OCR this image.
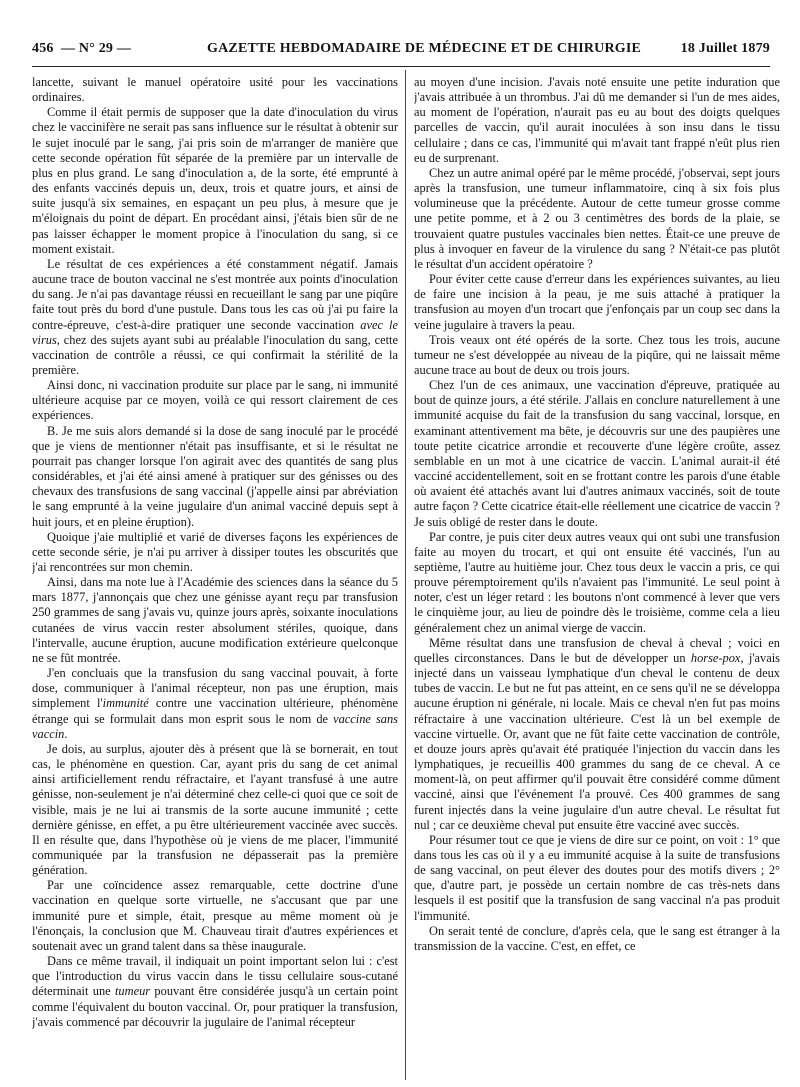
456 — N° 29 —	GAZETTE HEBDOMADAIRE DE MÉDECINE ET DE CHIRURGIE	18 Juillet 1879

lancette, suivant le manuel opératoire usité pour les vaccinations ordinaires.

Comme il était permis de supposer que la date d'inoculation du virus chez le vaccinifère ne serait pas sans influence sur le résultat à obtenir sur le sujet inoculé par le sang, j'ai pris soin de m'arranger de manière que cette seconde opération fût séparée de la première par un intervalle de plus en plus grand. Le sang d'inoculation a, de la sorte, été emprunté à des enfants vaccinés depuis un, deux, trois et quatre jours, et ainsi de suite jusqu'à six semaines, en espaçant un peu plus, à mesure que je m'éloignais du point de départ. En procédant ainsi, j'étais bien sûr de ne pas laisser échapper le moment propice à l'inoculation du sang, si ce moment existait.

Le résultat de ces expériences a été constamment négatif. Jamais aucune trace de bouton vaccinal ne s'est montrée aux points d'inoculation du sang. Je n'ai pas davantage réussi en recueillant le sang par une piqûre faite tout près du bord d'une pustule. Dans tous les cas où j'ai pu faire la contre-épreuve, c'est-à-dire pratiquer une seconde vaccination avec le virus, chez des sujets ayant subi au préalable l'inoculation du sang, cette vaccination de contrôle a réussi, ce qui confirmait la stérilité de la première.

Ainsi donc, ni vaccination produite sur place par le sang, ni immunité ultérieure acquise par ce moyen, voilà ce qui ressort clairement de ces expériences.

B. Je me suis alors demandé si la dose de sang inoculé par le procédé que je viens de mentionner n'était pas insuffisante, et si le résultat ne pourrait pas changer lorsque l'on agirait avec des quantités de sang plus considérables, et j'ai été ainsi amené à pratiquer sur des génisses ou des chevaux des transfusions de sang vaccinal (j'appelle ainsi par abréviation le sang emprunté à la veine jugulaire d'un animal vacciné depuis sept à huit jours, et en pleine éruption).

Quoique j'aie multiplié et varié de diverses façons les expériences de cette seconde série, je n'ai pu arriver à dissiper toutes les obscurités que j'ai rencontrées sur mon chemin.

Ainsi, dans ma note lue à l'Académie des sciences dans la séance du 5 mars 1877, j'annonçais que chez une génisse ayant reçu par transfusion 250 grammes de sang j'avais vu, quinze jours après, soixante inoculations cutanées de virus vaccin rester absolument stériles, quoique, dans l'intervalle, aucune éruption, aucune modification extérieure quelconque ne se fût montrée.

J'en concluais que la transfusion du sang vaccinal pouvait, à forte dose, communiquer à l'animal récepteur, non pas une éruption, mais simplement l'immunité contre une vaccination ultérieure, phénomène étrange qui se formulait dans mon esprit sous le nom de vaccine sans vaccin.

Je dois, au surplus, ajouter dès à présent que là se bornerait, en tout cas, le phénomène en question. Car, ayant pris du sang de cet animal ainsi artificiellement rendu réfractaire, et l'ayant transfusé à une autre génisse, non-seulement je n'ai déterminé chez celle-ci quoi que ce soit de visible, mais je ne lui ai transmis de la sorte aucune immunité ; cette dernière génisse, en effet, a pu être ultérieurement vaccinée avec succès. Il en résulte que, dans l'hypothèse où je viens de me placer, l'immunité communiquée par la transfusion ne dépasserait pas la première génération.

Par une coïncidence assez remarquable, cette doctrine d'une vaccination en quelque sorte virtuelle, ne s'accusant que par une immunité pure et simple, était, presque au même moment où je l'énonçais, la conclusion que M. Chauveau tirait d'autres expériences et soutenait avec un grand talent dans sa thèse inaugurale.

Dans ce même travail, il indiquait un point important selon lui : c'est que l'introduction du virus vaccin dans le tissu cellulaire sous-cutané déterminait une tumeur pouvant être considérée jusqu'à un certain point comme l'équivalent du bouton vaccinal. Or, pour pratiquer la transfusion, j'avais commencé par découvrir la jugulaire de l'animal récepteur

au moyen d'une incision. J'avais noté ensuite une petite induration que j'avais attribuée à un thrombus. J'ai dû me demander si l'un de mes aides, au moment de l'opération, n'aurait pas eu au bout des doigts quelques parcelles de vaccin, qu'il aurait inoculées à son insu dans le tissu cellulaire ; dans ce cas, l'immunité qui m'avait tant frappé n'eût plus rien eu de surprenant.

Chez un autre animal opéré par le même procédé, j'observai, sept jours après la transfusion, une tumeur inflammatoire, cinq à six fois plus volumineuse que la précédente. Autour de cette tumeur grosse comme une petite pomme, et à 2 ou 3 centimètres des bords de la plaie, se trouvaient quatre pustules vaccinales bien nettes. Était-ce une preuve de plus à invoquer en faveur de la virulence du sang ? N'était-ce pas plutôt le résultat d'un accident opératoire ?

Pour éviter cette cause d'erreur dans les expériences suivantes, au lieu de faire une incision à la peau, je me suis attaché à pratiquer la transfusion au moyen d'un trocart que j'enfonçais par un coup sec dans la veine jugulaire à travers la peau.

Trois veaux ont été opérés de la sorte. Chez tous les trois, aucune tumeur ne s'est développée au niveau de la piqûre, qui ne laissait même aucune trace au bout de deux ou trois jours.

Chez l'un de ces animaux, une vaccination d'épreuve, pratiquée au bout de quinze jours, a été stérile. J'allais en conclure naturellement à une immunité acquise du fait de la transfusion du sang vaccinal, lorsque, en examinant attentivement ma bête, je découvris sur une des paupières une toute petite cicatrice arrondie et recouverte d'une légère croûte, assez semblable en un mot à une cicatrice de vaccin. L'animal aurait-il été vacciné accidentellement, soit en se frottant contre les parois d'une étable où avaient été attachés avant lui d'autres animaux vaccinés, soit de toute autre façon ? Cette cicatrice était-elle réellement une cicatrice de vaccin ? Je suis obligé de rester dans le doute.

Par contre, je puis citer deux autres veaux qui ont subi une transfusion faite au moyen du trocart, et qui ont ensuite été vaccinés, l'un au septième, l'autre au huitième jour. Chez tous deux le vaccin a pris, ce qui prouve péremptoirement qu'ils n'avaient pas l'immunité. Le seul point à noter, c'est un léger retard : les boutons n'ont commencé à lever que vers le cinquième jour, au lieu de poindre dès le troisième, comme cela a lieu généralement chez un animal vierge de vaccin.

Même résultat dans une transfusion de cheval à cheval ; voici en quelles circonstances. Dans le but de développer un horse-pox, j'avais injecté dans un vaisseau lymphatique d'un cheval le contenu de deux tubes de vaccin. Le but ne fut pas atteint, en ce sens qu'il ne se développa aucune éruption ni générale, ni locale. Mais ce cheval n'en fut pas moins réfractaire à une vaccination ultérieure. C'est là un bel exemple de vaccine virtuelle. Or, avant que ne fût faite cette vaccination de contrôle, et douze jours après qu'avait été pratiquée l'injection du vaccin dans les lymphatiques, je recueillis 400 grammes du sang de ce cheval. A ce moment-là, on peut affirmer qu'il pouvait être considéré comme dûment vacciné, ainsi que l'événement l'a prouvé. Ces 400 grammes de sang furent injectés dans la veine jugulaire d'un autre cheval. Le résultat fut nul ; car ce deuxième cheval put ensuite être vacciné avec succès.

Pour résumer tout ce que je viens de dire sur ce point, on voit : 1° que dans tous les cas où il y a eu immunité acquise à la suite de transfusions de sang vaccinal, on peut élever des doutes pour des motifs divers ; 2° que, d'autre part, je possède un certain nombre de cas très-nets dans lesquels il est positif que la transfusion de sang vaccinal n'a pas produit l'immunité.

On serait tenté de conclure, d'après cela, que le sang est étranger à la transmission de la vaccine. C'est, en effet, ce
